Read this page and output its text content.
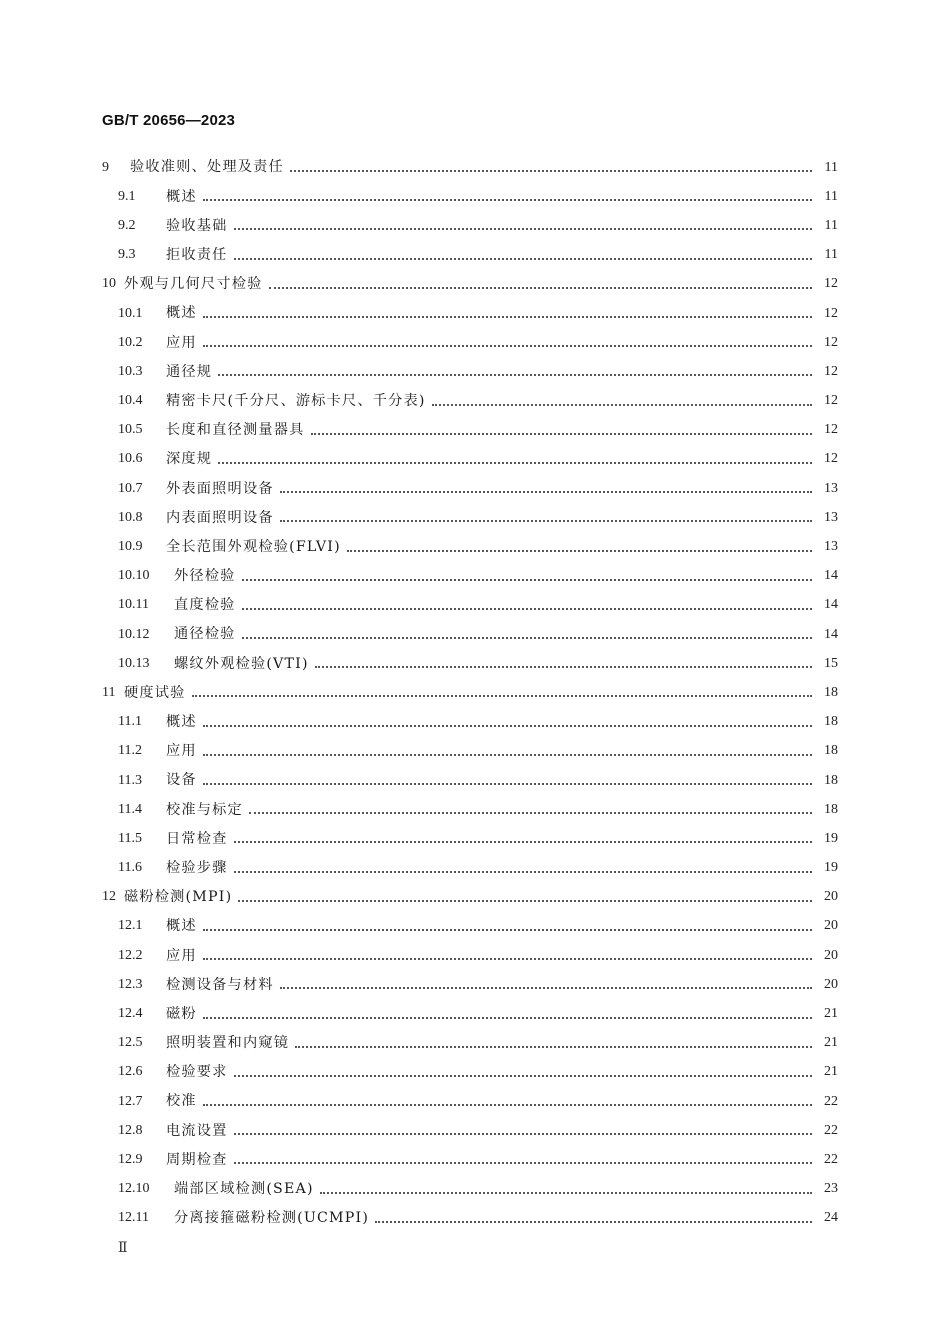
GB/T 20656—2023
9	验收准则、处理及责任	11
9.1	概述	11
9.2	验收基础	11
9.3	拒收责任	11
10 外观与几何尺寸检验	12
10.1	概述	12
10.2	应用	12
10.3	通径规	12
10.4	精密卡尺(千分尺、游标卡尺、千分表)	12
10.5	长度和直径测量器具	12
10.6	深度规	12
10.7	外表面照明设备	13
10.8	内表面照明设备	13
10.9	全长范围外观检验(FLVI)	13
10.10	外径检验	14
10.11	直度检验	14
10.12	通径检验	14
10.13	螺纹外观检验(VTI)	15
11 硬度试验	18
11.1	概述	18
11.2	应用	18
11.3	设备	18
11.4	校准与标定	18
11.5	日常检查	19
11.6	检验步骤	19
12 磁粉检测(MPI)	20
12.1	概述	20
12.2	应用	20
12.3	检测设备与材料	20
12.4	磁粉	21
12.5	照明装置和内窥镜	21
12.6	检验要求	21
12.7	校准	22
12.8	电流设置	22
12.9	周期检查	22
12.10	端部区域检测(SEA)	23
12.11	分离接箍磁粉检测(UCMPI)	24
Ⅱ
